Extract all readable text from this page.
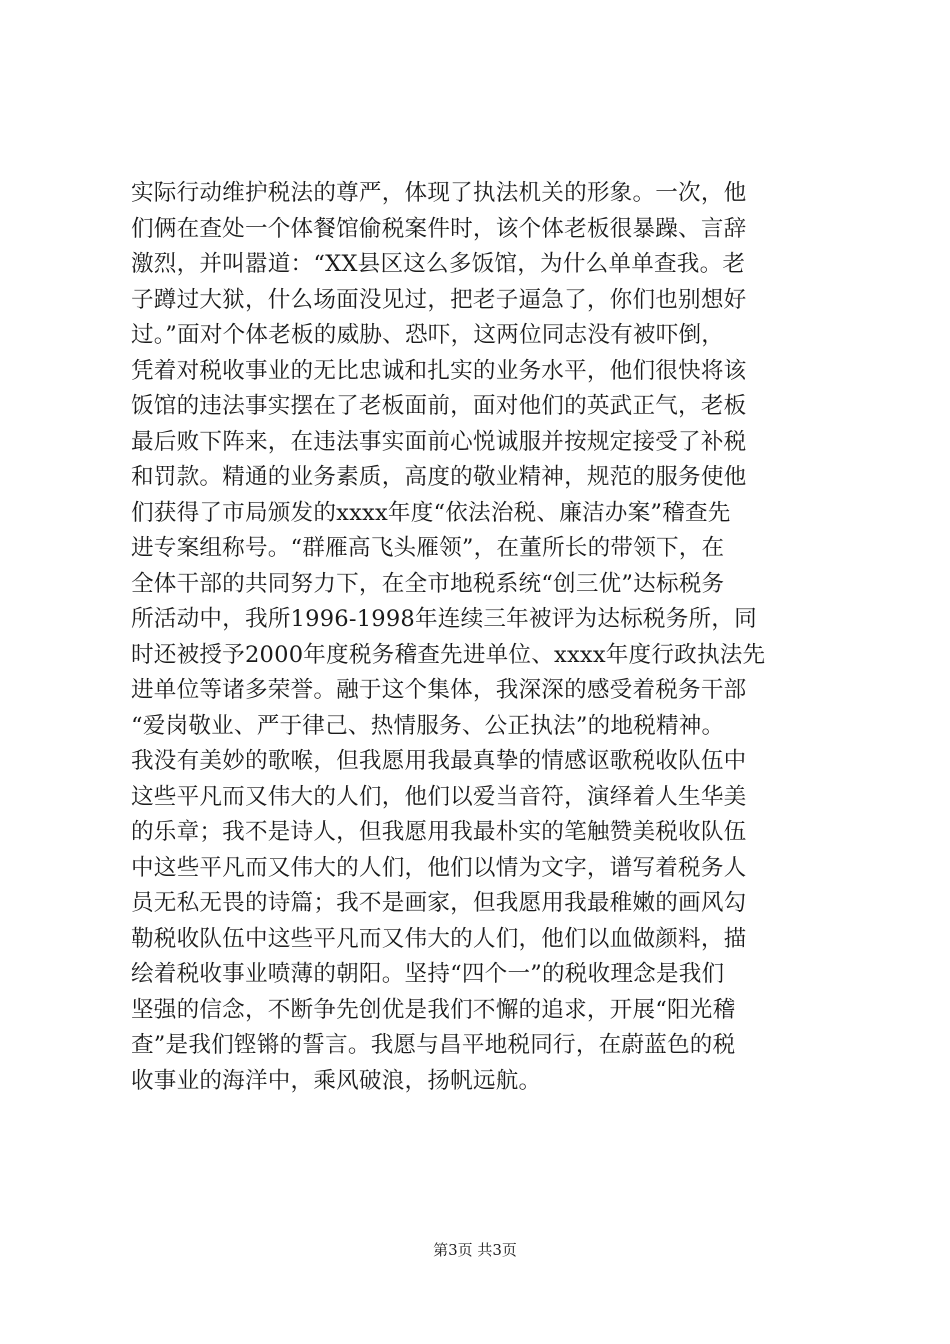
实际行动维护税法的尊严，体现了执法机关的形象。一次，他
们俩在查处一个体餐馆偷税案件时，该个体老板很暴躁、言辞
激烈，并叫嚣道：“XX县区这么多饭馆，为什么单单查我。老
子蹲过大狱，什么场面没见过，把老子逼急了，你们也别想好
过。”面对个体老板的威胁、恐吓，这两位同志没有被吓倒，
凭着对税收事业的无比忠诚和扎实的业务水平，他们很快将该
饭馆的违法事实摆在了老板面前，面对他们的英武正气，老板
最后败下阵来，在违法事实面前心悦诚服并按规定接受了补税
和罚款。精通的业务素质，高度的敬业精神，规范的服务使他
们获得了市局颁发的xxxx年度“依法治税、廉洁办案”稽查先
进专案组称号。“群雁高飞头雁领”，在董所长的带领下，在
全体干部的共同努力下，在全市地税系统“创三优”达标税务
所活动中，我所1996-1998年连续三年被评为达标税务所，同
时还被授予2000年度税务稽查先进单位、xxxx年度行政执法先
进单位等诸多荣誉。融于这个集体，我深深的感受着税务干部
“爱岗敬业、严于律己、热情服务、公正执法”的地税精神。
我没有美妙的歌喉，但我愿用我最真挚的情感讴歌税收队伍中
这些平凡而又伟大的人们，他们以爱当音符，演绎着人生华美
的乐章；我不是诗人，但我愿用我最朴实的笔触赞美税收队伍
中这些平凡而又伟大的人们，他们以情为文字，谱写着税务人
员无私无畏的诗篇；我不是画家，但我愿用我最稚嫩的画风勾
勒税收队伍中这些平凡而又伟大的人们，他们以血做颜料，描
绘着税收事业喷薄的朝阳。坚持“四个一”的税收理念是我们
坚强的信念，不断争先创优是我们不懈的追求，开展“阳光稽
查”是我们铿锵的誓言。我愿与昌平地税同行，在蔚蓝色的税
收事业的海洋中，乘风破浪，扬帆远航。
第3页 共3页
